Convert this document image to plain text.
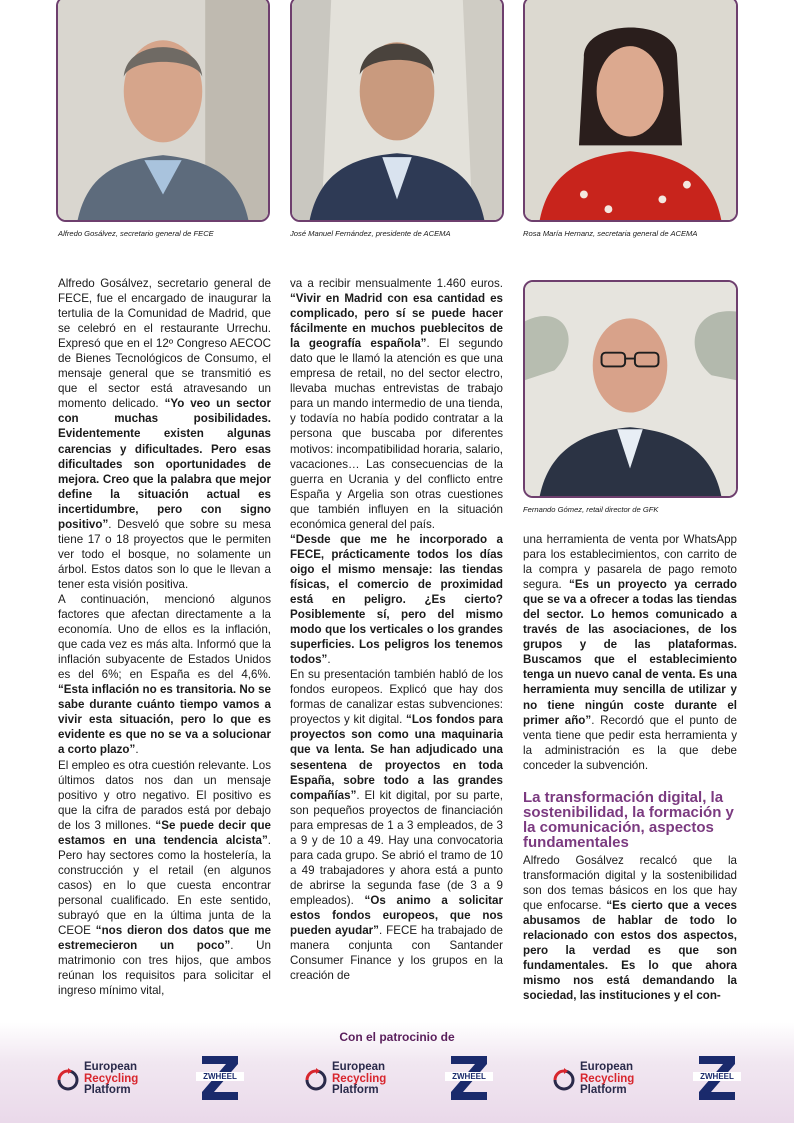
Alfredo Gosálvez, secretario general de FECE	José Manuel Fernández, presidente de ACEMA	Rosa María Hernanz, secretaria general de ACEMA
Fernando Gómez, retail director de GFK

Alfredo Gosálvez, secretario general de FECE, fue el encargado de inaugurar la tertulia de la Comunidad de Madrid, que se celebró en el restaurante Urrechu. Expresó que en el 12º Congreso AECOC de Bienes Tecnológicos de Consumo, el mensaje general que se transmitió es que el sector está atravesando un momento delicado. “Yo veo un sector con muchas posibilidades. Evidentemente existen algunas carencias y dificultades. Pero esas dificultades son oportunidades de mejora. Creo que la palabra que mejor define la situación actual es incertidumbre, pero con signo positivo”. Desveló que sobre su mesa tiene 17 o 18 proyectos que le permiten ver todo el bosque, no solamente un árbol. Estos datos son lo que le llevan a tener esta visión positiva.

A continuación, mencionó algunos factores que afectan directamente a la economía. Uno de ellos es la inflación, que cada vez es más alta. Informó que la inflación subyacente de Estados Unidos es del 6%; en España es del 4,6%. “Esta inflación no es transitoria. No se sabe durante cuánto tiempo vamos a vivir esta situación, pero lo que es evidente es que no se va a solucionar a corto plazo”.

El empleo es otra cuestión relevante. Los últimos datos nos dan un mensaje positivo y otro negativo. El positivo es que la cifra de parados está por debajo de los 3 millones. “Se puede decir que estamos en una tendencia alcista”. Pero hay sectores como la hostelería, la construcción y el retail (en algunos casos) en lo que cuesta encontrar personal cualificado. En este sentido, subrayó que en la última junta de la CEOE “nos dieron dos datos que me estremecieron un poco”. Un matrimonio con tres hijos, que ambos reúnan los requisitos para solicitar el ingreso mínimo vital,

va a recibir mensualmente 1.460 euros. “Vivir en Madrid con esa cantidad es complicado, pero sí se puede hacer fácilmente en muchos pueblecitos de la geografía española”. El segundo dato que le llamó la atención es que una empresa de retail, no del sector electro, llevaba muchas entrevistas de trabajo para un mando intermedio de una tienda, y todavía no había podido contratar a la persona que buscaba por diferentes motivos: incompatibilidad horaria, salario, vacaciones… Las consecuencias de la guerra en Ucrania y del conflicto entre España y Argelia son otras cuestiones que también influyen en la situación económica general del país.

“Desde que me he incorporado a FECE, prácticamente todos los días oigo el mismo mensaje: las tiendas físicas, el comercio de proximidad está en peligro. ¿Es cierto? Posiblemente sí, pero del mismo modo que los verticales o los grandes superficies. Los peligros los tenemos todos”.

En su presentación también habló de los fondos europeos. Explicó que hay dos formas de canalizar estas subvenciones: proyectos y kit digital. “Los fondos para proyectos son como una maquinaria que va lenta. Se han adjudicado una sesentena de proyectos en toda España, sobre todo a las grandes compañías”. El kit digital, por su parte, son pequeños proyectos de financiación para empresas de 1 a 3 empleados, de 3 a 9 y de 10 a 49. Hay una convocatoria para cada grupo. Se abrió el tramo de 10 a 49 trabajadores y ahora está a punto de abrirse la segunda fase (de 3 a 9 empleados). “Os animo a solicitar estos fondos europeos, que nos pueden ayudar”. FECE ha trabajado de manera conjunta con Santander Consumer Finance y los grupos en la creación de

una herramienta de venta por WhatsApp para los establecimientos, con carrito de la compra y pasarela de pago remoto segura. “Es un proyecto ya cerrado que se va a ofrecer a todas las tiendas del sector. Lo hemos comunicado a través de las asociaciones, de los grupos y de las plataformas. Buscamos que el establecimiento tenga un nuevo canal de venta. Es una herramienta muy sencilla de utilizar y no tiene ningún coste durante el primer año”. Recordó que el punto de venta tiene que pedir esta herramienta y la administración es la que debe conceder la subvención.

La transformación digital, la sostenibilidad, la formación y la comunicación, aspectos fundamentales

Alfredo Gosálvez recalcó que la transformación digital y la sostenibilidad son dos temas básicos en los que hay que enfocarse. “Es cierto que a veces abusamos de hablar de todo lo relacionado con estos dos aspectos, pero la verdad es que son fundamentales. Es lo que ahora mismo nos está demandando la sociedad, las instituciones y el con-

Con el patrocinio de
European
Recycling
Platform
ZWHEEL
European
Recycling
Platform
ZWHEEL
European
Recycling
Platform
ZWHEEL
